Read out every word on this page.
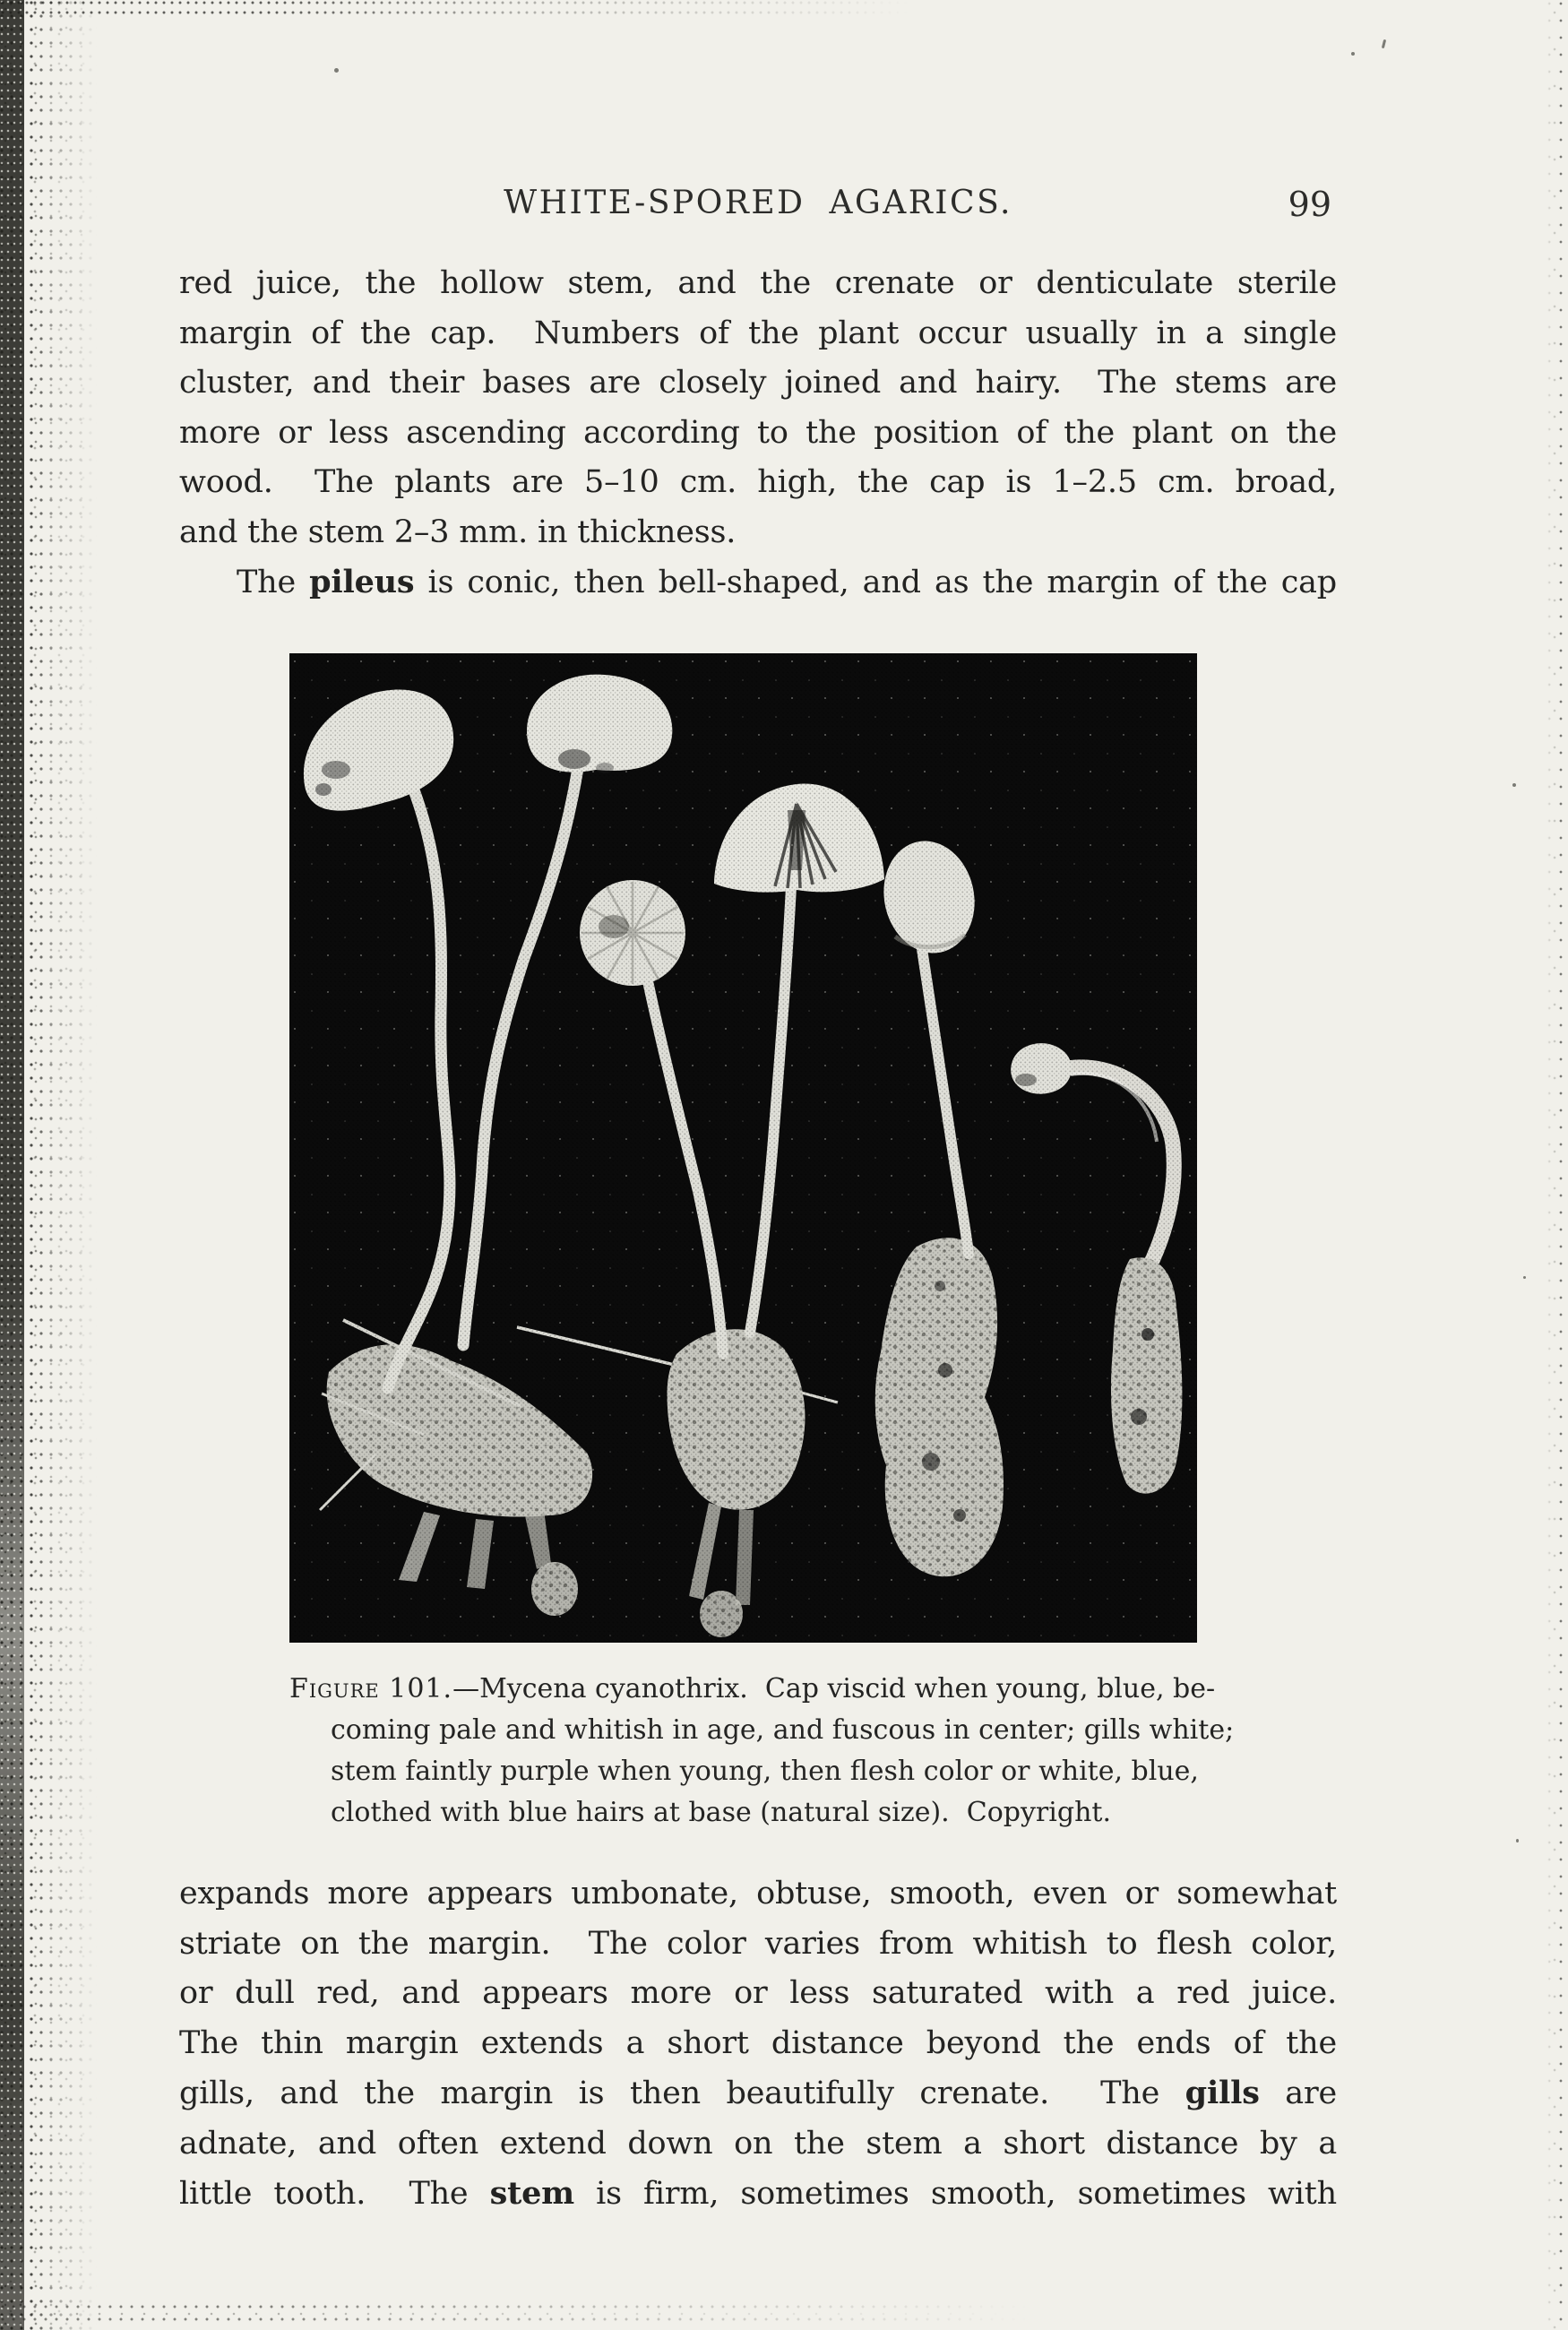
WHITE-SPORED AGARICS.	99
red juice, the hollow stem, and the crenate or denticulate sterile
margin of the cap.  Numbers of the plant occur usually in a single
cluster, and their bases are closely joined and hairy.  The stems are
more or less ascending according to the position of the plant on the
wood.  The plants are 5–10 cm. high, the cap is 1–2.5 cm. broad,
and the stem 2–3 mm. in thickness.
The pileus is conic, then bell-shaped, and as the margin of the cap
Figure 101.—Mycena cyanothrix.  Cap viscid when young, blue, be-
coming pale and whitish in age, and fuscous in center; gills white;
stem faintly purple when young, then flesh color or white, blue,
clothed with blue hairs at base (natural size).  Copyright.
expands more appears umbonate, obtuse, smooth, even or somewhat
striate on the margin.  The color varies from whitish to flesh color,
or dull red, and appears more or less saturated with a red juice.
The thin margin extends a short distance beyond the ends of the
gills, and the margin is then beautifully crenate.  The gills are
adnate, and often extend down on the stem a short distance by a
little tooth.  The stem is firm, sometimes smooth, sometimes with
